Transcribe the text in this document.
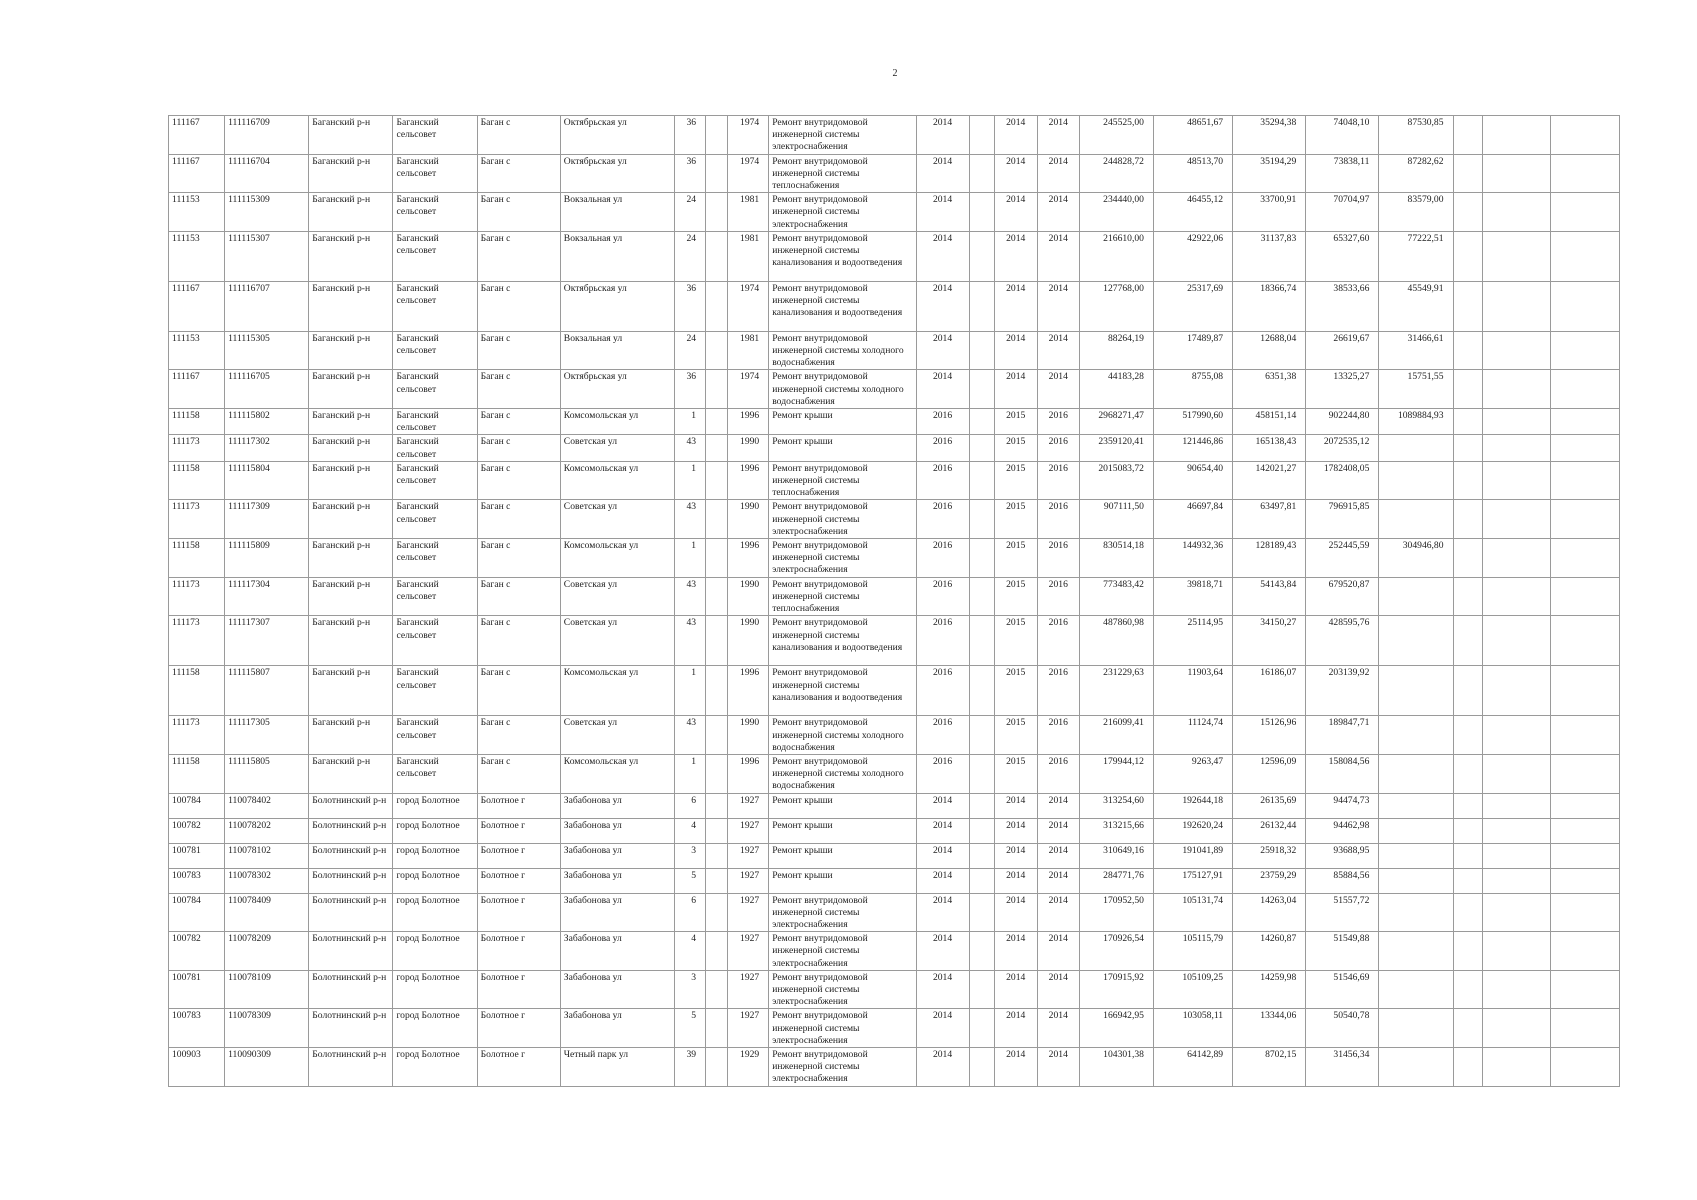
2
111167	111116709	Баганский р-н	Баганский сельсовет	Баган с	Октябрьская ул	36		1974	Ремонт внутридомовой инженерной системы электроснабжения	2014		2014	2014	245525,00	48651,67	35294,38	74048,10	87530,85			
111167	111116704	Баганский р-н	Баганский сельсовет	Баган с	Октябрьская ул	36		1974	Ремонт внутридомовой инженерной системы теплоснабжения	2014		2014	2014	244828,72	48513,70	35194,29	73838,11	87282,62			
111153	111115309	Баганский р-н	Баганский сельсовет	Баган с	Вокзальная ул	24		1981	Ремонт внутридомовой инженерной системы электроснабжения	2014		2014	2014	234440,00	46455,12	33700,91	70704,97	83579,00			
111153	111115307	Баганский р-н	Баганский сельсовет	Баган с	Вокзальная ул	24		1981	Ремонт внутридомовой инженерной системы канализования и водоотведения	2014		2014	2014	216610,00	42922,06	31137,83	65327,60	77222,51			
111167	111116707	Баганский р-н	Баганский сельсовет	Баган с	Октябрьская ул	36		1974	Ремонт внутридомовой инженерной системы канализования и водоотведения	2014		2014	2014	127768,00	25317,69	18366,74	38533,66	45549,91			
111153	111115305	Баганский р-н	Баганский сельсовет	Баган с	Вокзальная ул	24		1981	Ремонт внутридомовой инженерной системы холодного водоснабжения	2014		2014	2014	88264,19	17489,87	12688,04	26619,67	31466,61			
111167	111116705	Баганский р-н	Баганский сельсовет	Баган с	Октябрьская ул	36		1974	Ремонт внутридомовой инженерной системы холодного водоснабжения	2014		2014	2014	44183,28	8755,08	6351,38	13325,27	15751,55			
111158	111115802	Баганский р-н	Баганский сельсовет	Баган с	Комсомольская ул	1		1996	Ремонт крыши	2016		2015	2016	2968271,47	517990,60	458151,14	902244,80	1089884,93			
111173	111117302	Баганский р-н	Баганский сельсовет	Баган с	Советская ул	43		1990	Ремонт крыши	2016		2015	2016	2359120,41	121446,86	165138,43	2072535,12				
111158	111115804	Баганский р-н	Баганский сельсовет	Баган с	Комсомольская ул	1		1996	Ремонт внутридомовой инженерной системы теплоснабжения	2016		2015	2016	2015083,72	90654,40	142021,27	1782408,05				
111173	111117309	Баганский р-н	Баганский сельсовет	Баган с	Советская ул	43		1990	Ремонт внутридомовой инженерной системы электроснабжения	2016		2015	2016	907111,50	46697,84	63497,81	796915,85				
111158	111115809	Баганский р-н	Баганский сельсовет	Баган с	Комсомольская ул	1		1996	Ремонт внутридомовой инженерной системы электроснабжения	2016		2015	2016	830514,18	144932,36	128189,43	252445,59	304946,80			
111173	111117304	Баганский р-н	Баганский сельсовет	Баган с	Советская ул	43		1990	Ремонт внутридомовой инженерной системы теплоснабжения	2016		2015	2016	773483,42	39818,71	54143,84	679520,87				
111173	111117307	Баганский р-н	Баганский сельсовет	Баган с	Советская ул	43		1990	Ремонт внутридомовой инженерной системы канализования и водоотведения	2016		2015	2016	487860,98	25114,95	34150,27	428595,76				
111158	111115807	Баганский р-н	Баганский сельсовет	Баган с	Комсомольская ул	1		1996	Ремонт внутридомовой инженерной системы канализования и водоотведения	2016		2015	2016	231229,63	11903,64	16186,07	203139,92				
111173	111117305	Баганский р-н	Баганский сельсовет	Баган с	Советская ул	43		1990	Ремонт внутридомовой инженерной системы холодного водоснабжения	2016		2015	2016	216099,41	11124,74	15126,96	189847,71				
111158	111115805	Баганский р-н	Баганский сельсовет	Баган с	Комсомольская ул	1		1996	Ремонт внутридомовой инженерной системы холодного водоснабжения	2016		2015	2016	179944,12	9263,47	12596,09	158084,56				
100784	110078402	Болотнинский р-н	город Болотное	Болотное г	Забабонова ул	6		1927	Ремонт крыши	2014		2014	2014	313254,60	192644,18	26135,69	94474,73				
100782	110078202	Болотнинский р-н	город Болотное	Болотное г	Забабонова ул	4		1927	Ремонт крыши	2014		2014	2014	313215,66	192620,24	26132,44	94462,98				
100781	110078102	Болотнинский р-н	город Болотное	Болотное г	Забабонова ул	3		1927	Ремонт крыши	2014		2014	2014	310649,16	191041,89	25918,32	93688,95				
100783	110078302	Болотнинский р-н	город Болотное	Болотное г	Забабонова ул	5		1927	Ремонт крыши	2014		2014	2014	284771,76	175127,91	23759,29	85884,56				
100784	110078409	Болотнинский р-н	город Болотное	Болотное г	Забабонова ул	6		1927	Ремонт внутридомовой инженерной системы электроснабжения	2014		2014	2014	170952,50	105131,74	14263,04	51557,72				
100782	110078209	Болотнинский р-н	город Болотное	Болотное г	Забабонова ул	4		1927	Ремонт внутридомовой инженерной системы электроснабжения	2014		2014	2014	170926,54	105115,79	14260,87	51549,88				
100781	110078109	Болотнинский р-н	город Болотное	Болотное г	Забабонова ул	3		1927	Ремонт внутридомовой инженерной системы электроснабжения	2014		2014	2014	170915,92	105109,25	14259,98	51546,69				
100783	110078309	Болотнинский р-н	город Болотное	Болотное г	Забабонова ул	5		1927	Ремонт внутридомовой инженерной системы электроснабжения	2014		2014	2014	166942,95	103058,11	13344,06	50540,78				
100903	110090309	Болотнинский р-н	город Болотное	Болотное г	Четный парк ул	39		1929	Ремонт внутридомовой инженерной системы электроснабжения	2014		2014	2014	104301,38	64142,89	8702,15	31456,34				
